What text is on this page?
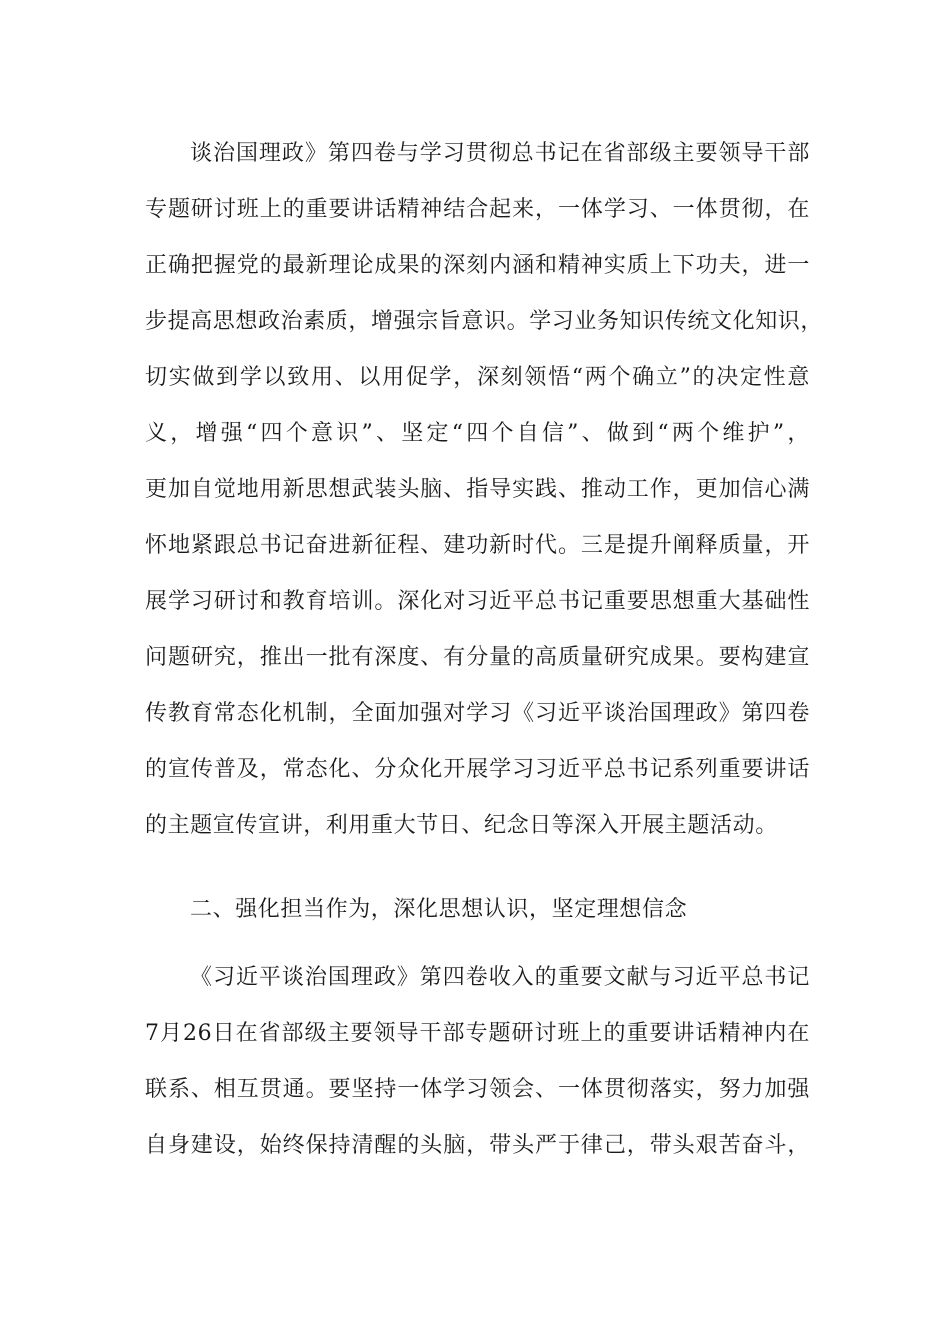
谈治国理政》第四卷与学习贯彻总书记在省部级主要领导干部
专题研讨班上的重要讲话精神结合起来，一体学习、一体贯彻，在
正确把握党的最新理论成果的深刻内涵和精神实质上下功夫，进一
步提高思想政治素质，增强宗旨意识。学习业务知识传统文化知识，
切实做到学以致用、以用促学，深刻领悟“两个确立”的决定性意
义，增强“四个意识”、坚定“四个自信”、做到“两个维护”，
更加自觉地用新思想武装头脑、指导实践、推动工作，更加信心满
怀地紧跟总书记奋进新征程、建功新时代。三是提升阐释质量，开
展学习研讨和教育培训。深化对习近平总书记重要思想重大基础性
问题研究，推出一批有深度、有分量的高质量研究成果。要构建宣
传教育常态化机制，全面加强对学习《习近平谈治国理政》第四卷
的宣传普及，常态化、分众化开展学习习近平总书记系列重要讲话
的主题宣传宣讲，利用重大节日、纪念日等深入开展主题活动。
二、强化担当作为，深化思想认识，坚定理想信念
《习近平谈治国理政》第四卷收入的重要文献与习近平总书记
7月26日在省部级主要领导干部专题研讨班上的重要讲话精神内在
联系、相互贯通。要坚持一体学习领会、一体贯彻落实，努力加强
自身建设，始终保持清醒的头脑，带头严于律己，带头艰苦奋斗，
